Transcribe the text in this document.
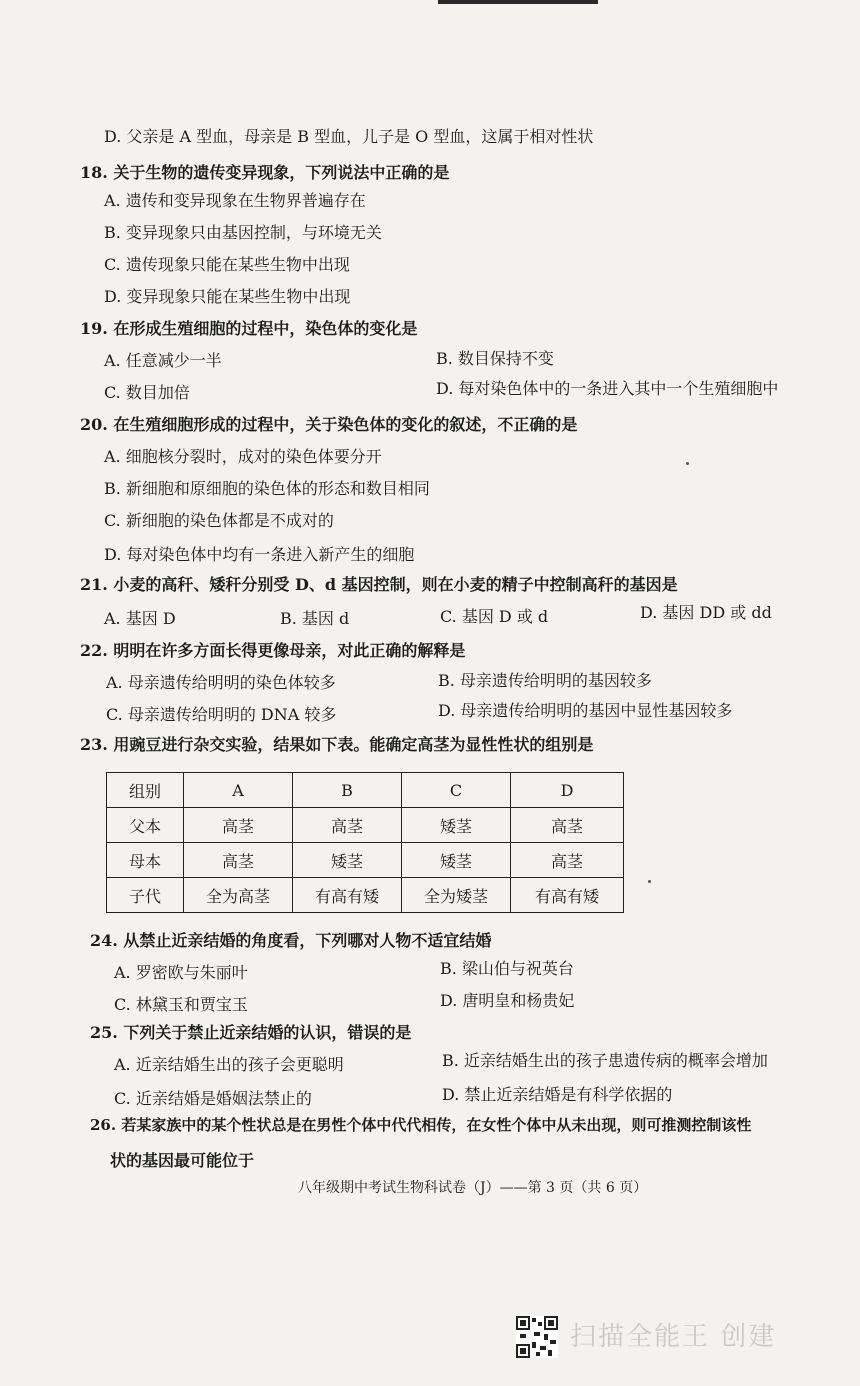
D. 父亲是 A 型血，母亲是 B 型血，儿子是 O 型血，这属于相对性状
18. 关于生物的遗传变异现象，下列说法中正确的是
A. 遗传和变异现象在生物界普遍存在
B. 变异现象只由基因控制，与环境无关
C. 遗传现象只能在某些生物中出现
D. 变异现象只能在某些生物中出现
19. 在形成生殖细胞的过程中，染色体的变化是
A. 任意减少一半	B. 数目保持不变
C. 数目加倍	D. 每对染色体中的一条进入其中一个生殖细胞中
20. 在生殖细胞形成的过程中，关于染色体的变化的叙述，不正确的是
A. 细胞核分裂时，成对的染色体要分开
B. 新细胞和原细胞的染色体的形态和数目相同
C. 新细胞的染色体都是不成对的
D. 每对染色体中均有一条进入新产生的细胞
21. 小麦的高秆、矮秆分别受 D、d 基因控制，则在小麦的精子中控制高秆的基因是
A. 基因 D	B. 基因 d	C. 基因 D 或 d	D. 基因 DD 或 dd
22. 明明在许多方面长得更像母亲，对此正确的解释是
A. 母亲遗传给明明的染色体较多	B. 母亲遗传给明明的基因较多
C. 母亲遗传给明明的 DNA 较多	D. 母亲遗传给明明的基因中显性基因较多
23. 用豌豆进行杂交实验，结果如下表。能确定高茎为显性性状的组别是
组别	A	B	C	D
父本	高茎	高茎	矮茎	高茎
母本	高茎	矮茎	矮茎	高茎
子代	全为高茎	有高有矮	全为矮茎	有高有矮
24. 从禁止近亲结婚的角度看，下列哪对人物不适宜结婚
A. 罗密欧与朱丽叶	B. 梁山伯与祝英台
C. 林黛玉和贾宝玉	D. 唐明皇和杨贵妃
25. 下列关于禁止近亲结婚的认识，错误的是
A. 近亲结婚生出的孩子会更聪明	B. 近亲结婚生出的孩子患遗传病的概率会增加
C. 近亲结婚是婚姻法禁止的	D. 禁止近亲结婚是有科学依据的
26. 若某家族中的某个性状总是在男性个体中代代相传，在女性个体中从未出现，则可推测控制该性
状的基因最可能位于
八年级期中考试生物科试卷（J）——第 3 页（共 6 页）
扫描全能王 创建
